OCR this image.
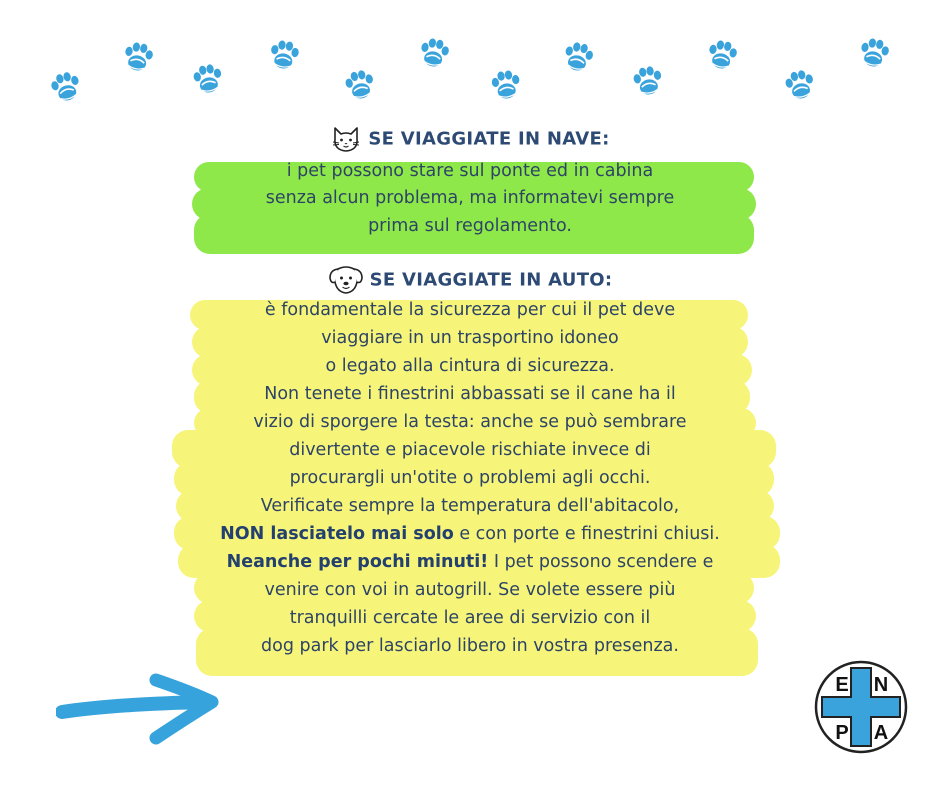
SE VIAGGIATE IN NAVE:
i pet possono stare sul ponte ed in cabina
senza alcun problema, ma informatevi sempre
prima sul regolamento.
SE VIAGGIATE IN AUTO:
è fondamentale la sicurezza per cui il pet deve
viaggiare in un trasportino idoneo
o legato alla cintura di sicurezza.
Non tenete i finestrini abbassati se il cane ha il
vizio di sporgere la testa: anche se può sembrare
divertente e piacevole rischiate invece di
procurargli un'otite o problemi agli occhi.
Verificate sempre la temperatura dell'abitacolo,
NON lasciatelo mai solo e con porte e finestrini chiusi.
Neanche per pochi minuti! I pet possono scendere e
venire con voi in autogrill. Se volete essere più
tranquilli cercate le aree di servizio con il
dog park per lasciarlo libero in vostra presenza.
E N
P A
